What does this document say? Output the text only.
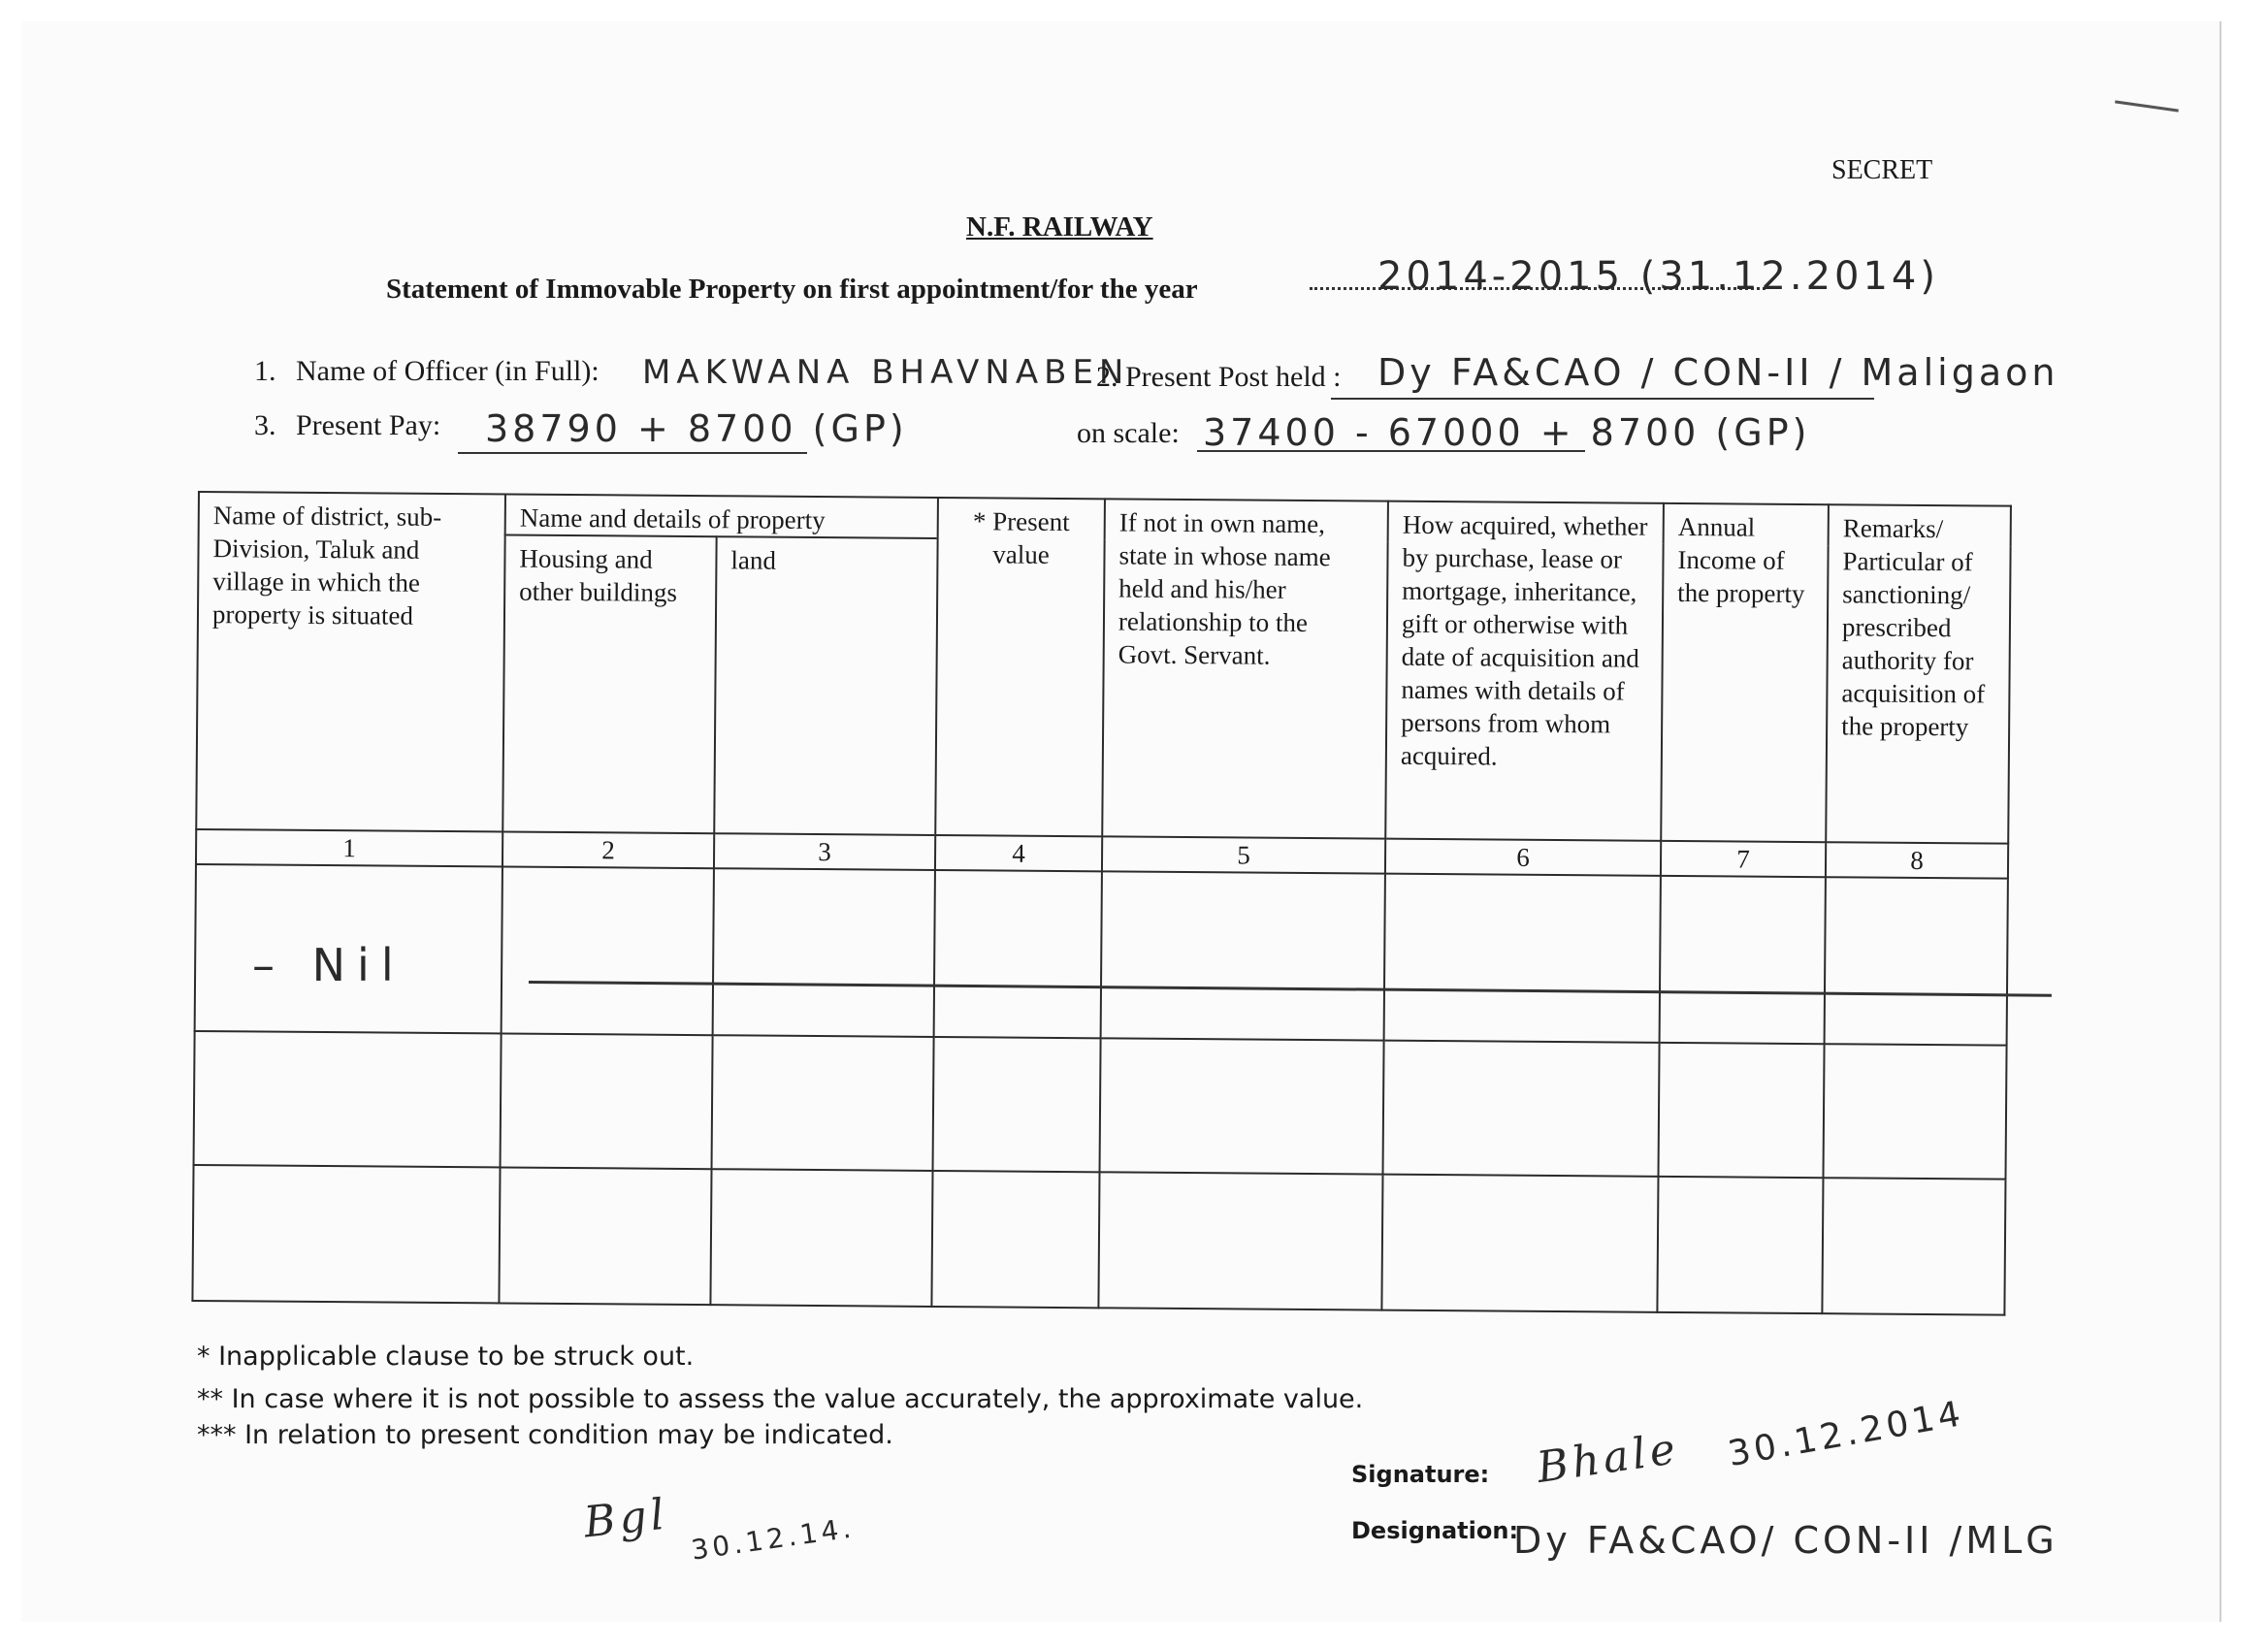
SECRET
N.F. RAILWAY
Statement of Immovable Property on first appointment/for the year	2014-2015 (31.12.2014)
1. Name of Officer (in Full): MAKWANA BHAVNABEN
2. Present Post held : Dy FA&CAO / CON-II / Maligaon
3. Present Pay: 38790 + 8700 (GP)	on scale: 37400 - 67000 + 8700 (GP)
Name of district, sub-Division, Taluk and village in which the property is situated	Name and details of property		* Present value	If not in own name, state in whose name held and his/her relationship to the Govt. Servant.	How acquired, whether by purchase, lease or mortgage, inheritance, gift or otherwise with date of acquisition and names with details of persons from whom acquired.	Annual Income of the property	Remarks/ Particular of sanctioning/ prescribed authority for acquisition of the property
	Housing and other buildings	land					
1	2	3	4	5	6	7	8

– Nil
* Inapplicable clause to be struck out.
** In case where it is not possible to assess the value accurately, the approximate value.
*** In relation to present condition may be indicated.
Signature: Bhale 30.12.2014
Designation:
Dy FA&CAO/ CON-II /MLG
Bgl 30.12.14.
